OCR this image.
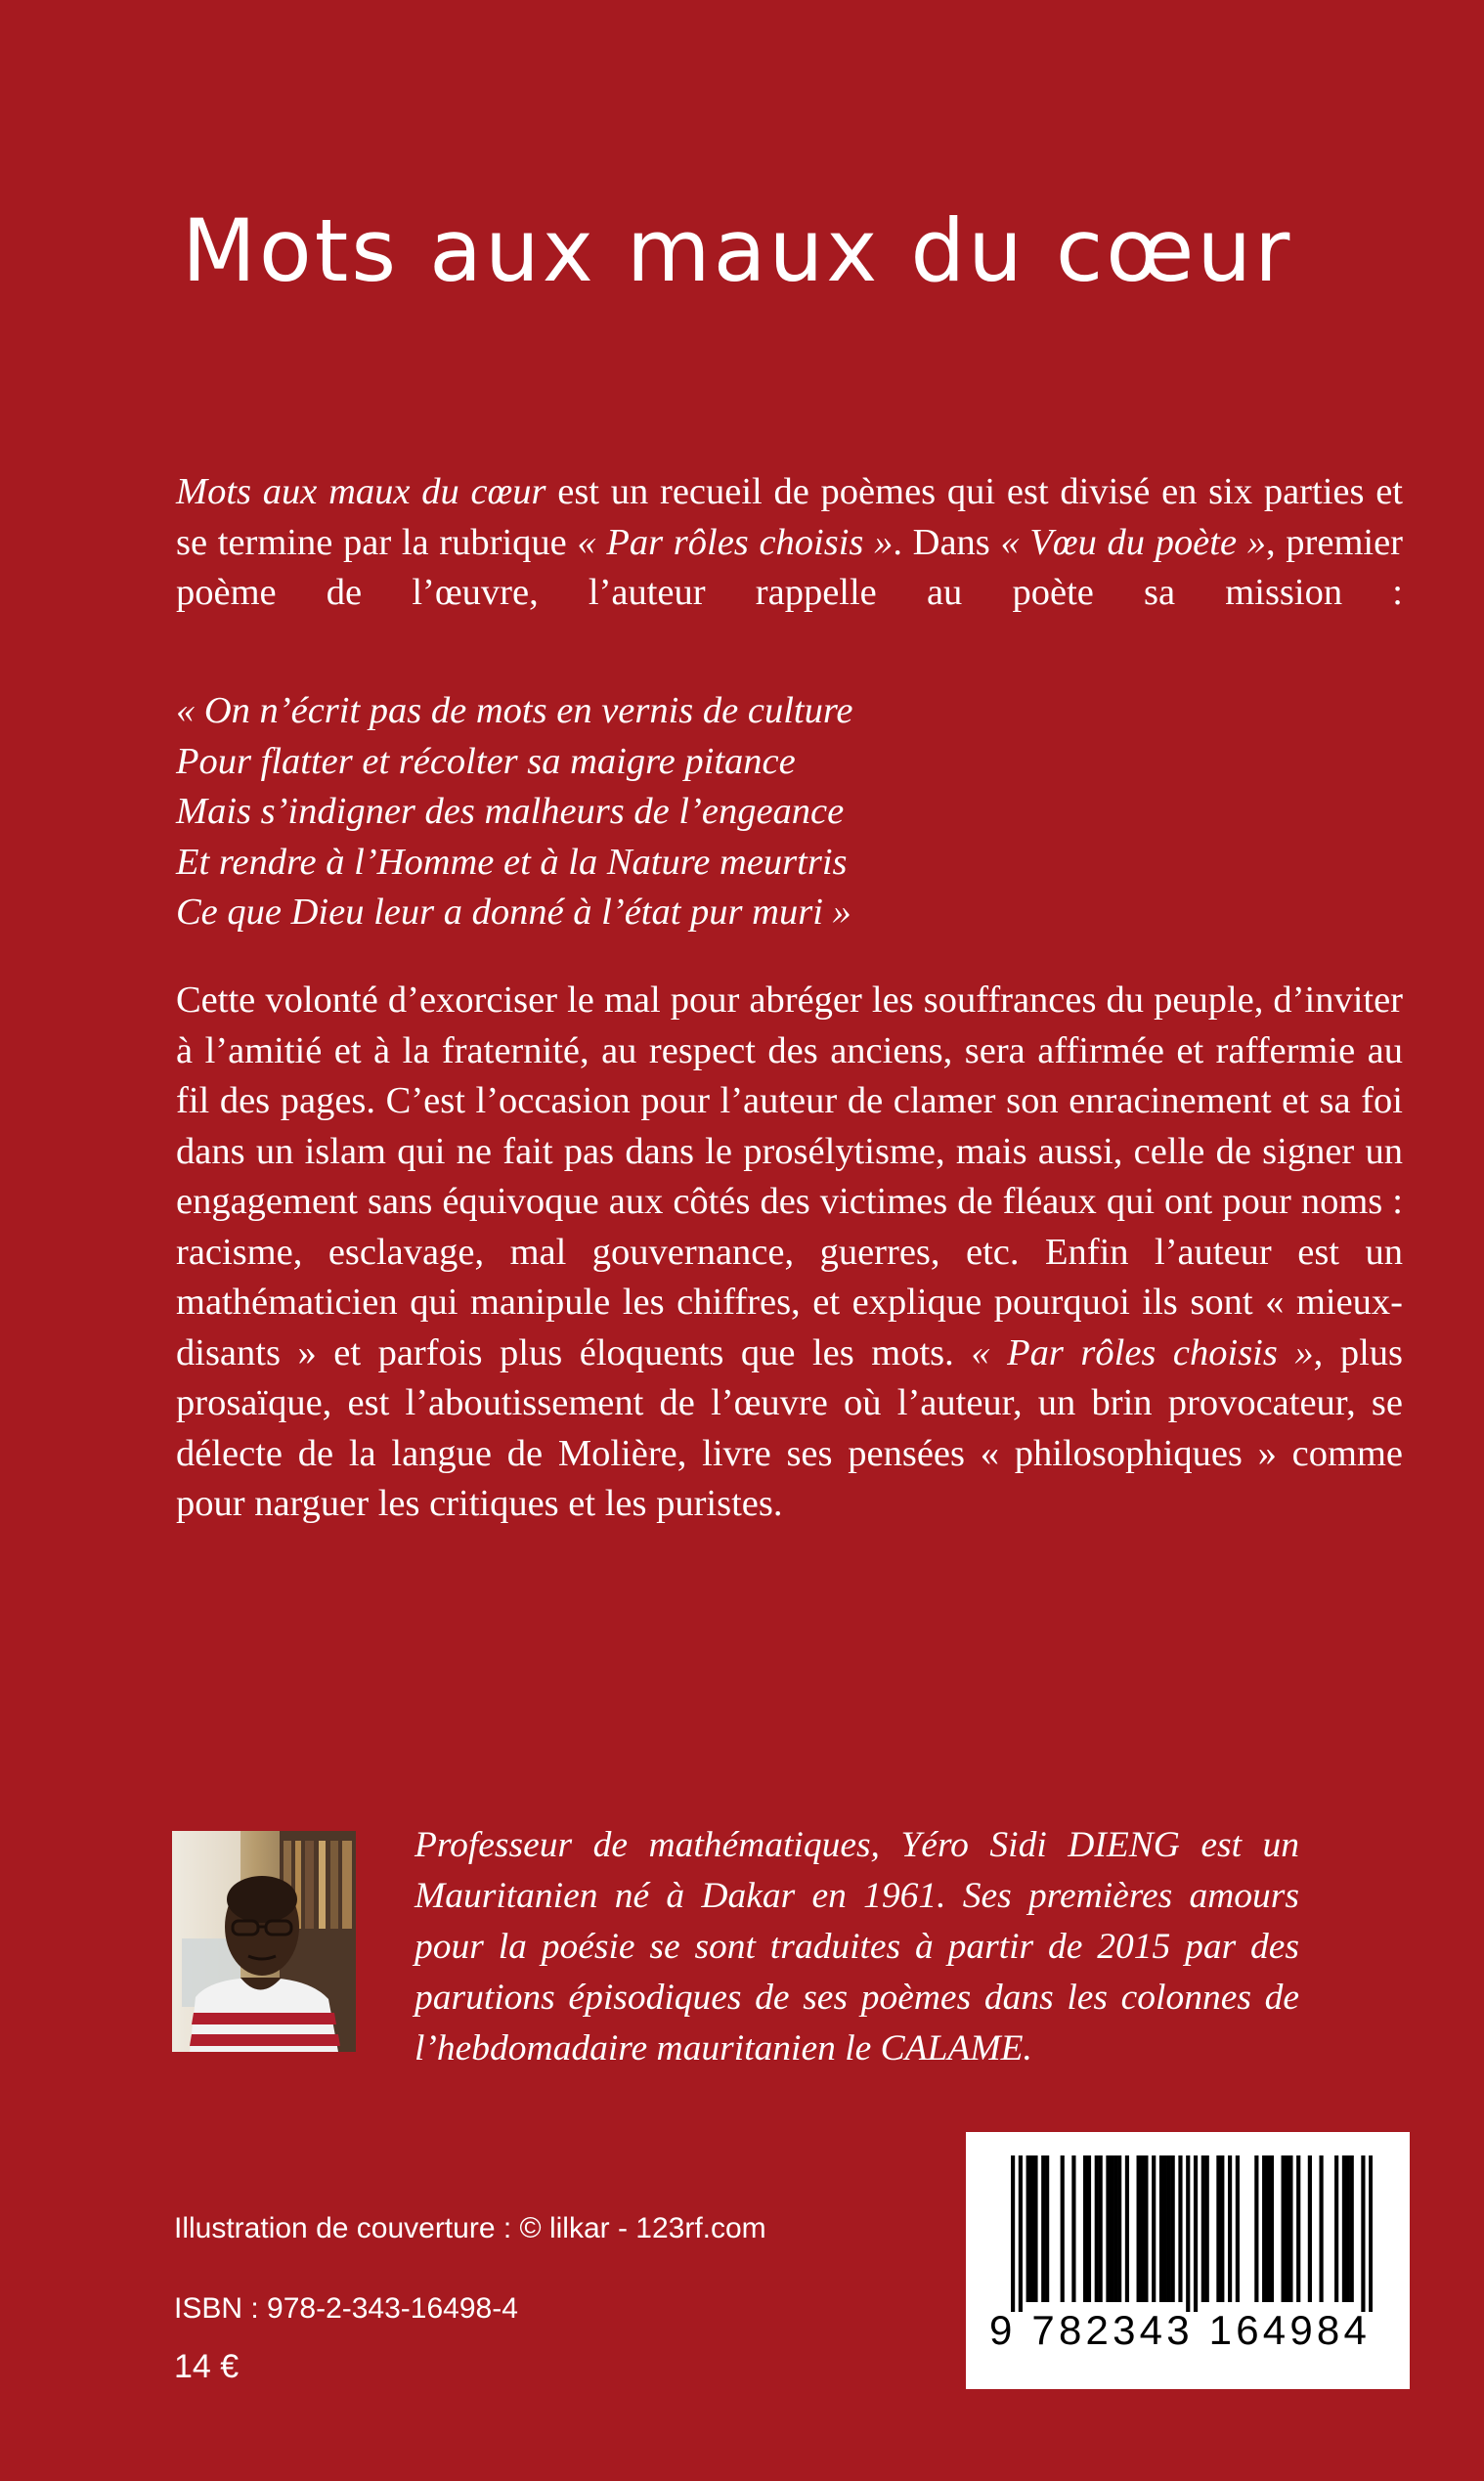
Mots aux maux du cœur
Mots aux maux du cœur est un recueil de poèmes qui est divisé en six parties et se termine par la rubrique « Par rôles choisis ». Dans « Vœu du poète », premier poème de l’œuvre, l’auteur rappelle au poète sa mission :
« On n’écrit pas de mots en vernis de culture
Pour flatter et récolter sa maigre pitance
Mais s’indigner des malheurs de l’engeance
Et rendre à l’Homme et à la Nature meurtris
Ce que Dieu leur a donné à l’état pur muri »
Cette volonté d’exorciser le mal pour abréger les souffrances du peuple, d’inviter à l’amitié et à la fraternité, au respect des anciens, sera affirmée et raffermie au fil des pages. C’est l’occasion pour l’auteur de clamer son enracinement et sa foi dans un islam qui ne fait pas dans le prosélytisme, mais aussi, celle de signer un engagement sans équivoque aux côtés des victimes de fléaux qui ont pour noms : racisme, esclavage, mal gouvernance, guerres, etc. Enfin l’auteur est un mathématicien qui manipule les chiffres, et explique pourquoi ils sont « mieux-disants » et parfois plus éloquents que les mots. « Par rôles choisis », plus prosaïque, est l’aboutissement de l’œuvre où l’auteur, un brin provocateur, se délecte de la langue de Molière, livre ses pensées « philosophiques » comme pour narguer les critiques et les puristes.
Professeur de mathématiques, Yéro Sidi DIENG est un Mauritanien né à Dakar en 1961. Ses premières amours pour la poésie se sont traduites à partir de 2015 par des parutions épisodiques de ses poèmes dans les colonnes de l’hebdomadaire mauritanien le CALAME.
Illustration de couverture : © lilkar - 123rf.com
ISBN : 978-2-343-16498-4
14 €
9 782343 164984
